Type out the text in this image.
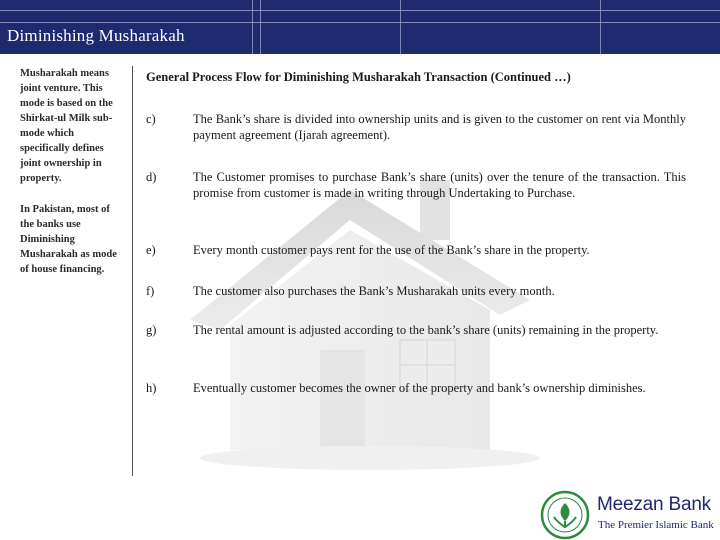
Diminishing Musharakah

Musharakah means joint venture. This mode is based on the Shirkat-ul Milk sub-mode which specifically defines joint ownership in property.

In Pakistan, most of the banks use Diminishing Musharakah as mode of house financing.

General Process Flow for Diminishing Musharakah Transaction (Continued …)
c)	The Bank’s share is divided into ownership units and is given to the customer on rent via Monthly payment agreement (Ijarah agreement).
d)	The Customer promises to purchase Bank’s share (units) over the tenure of the transaction. This promise from customer is made in writing through Undertaking to Purchase.
e)	Every month customer pays rent for the use of the Bank’s share in the property.
f)	The customer also purchases the Bank’s Musharakah units every month.
g)	The rental amount is adjusted according to the bank’s share (units) remaining in the property.
h)	Eventually customer becomes the owner of the property and bank’s ownership diminishes.
Meezan Bank
The Premier Islamic Bank
